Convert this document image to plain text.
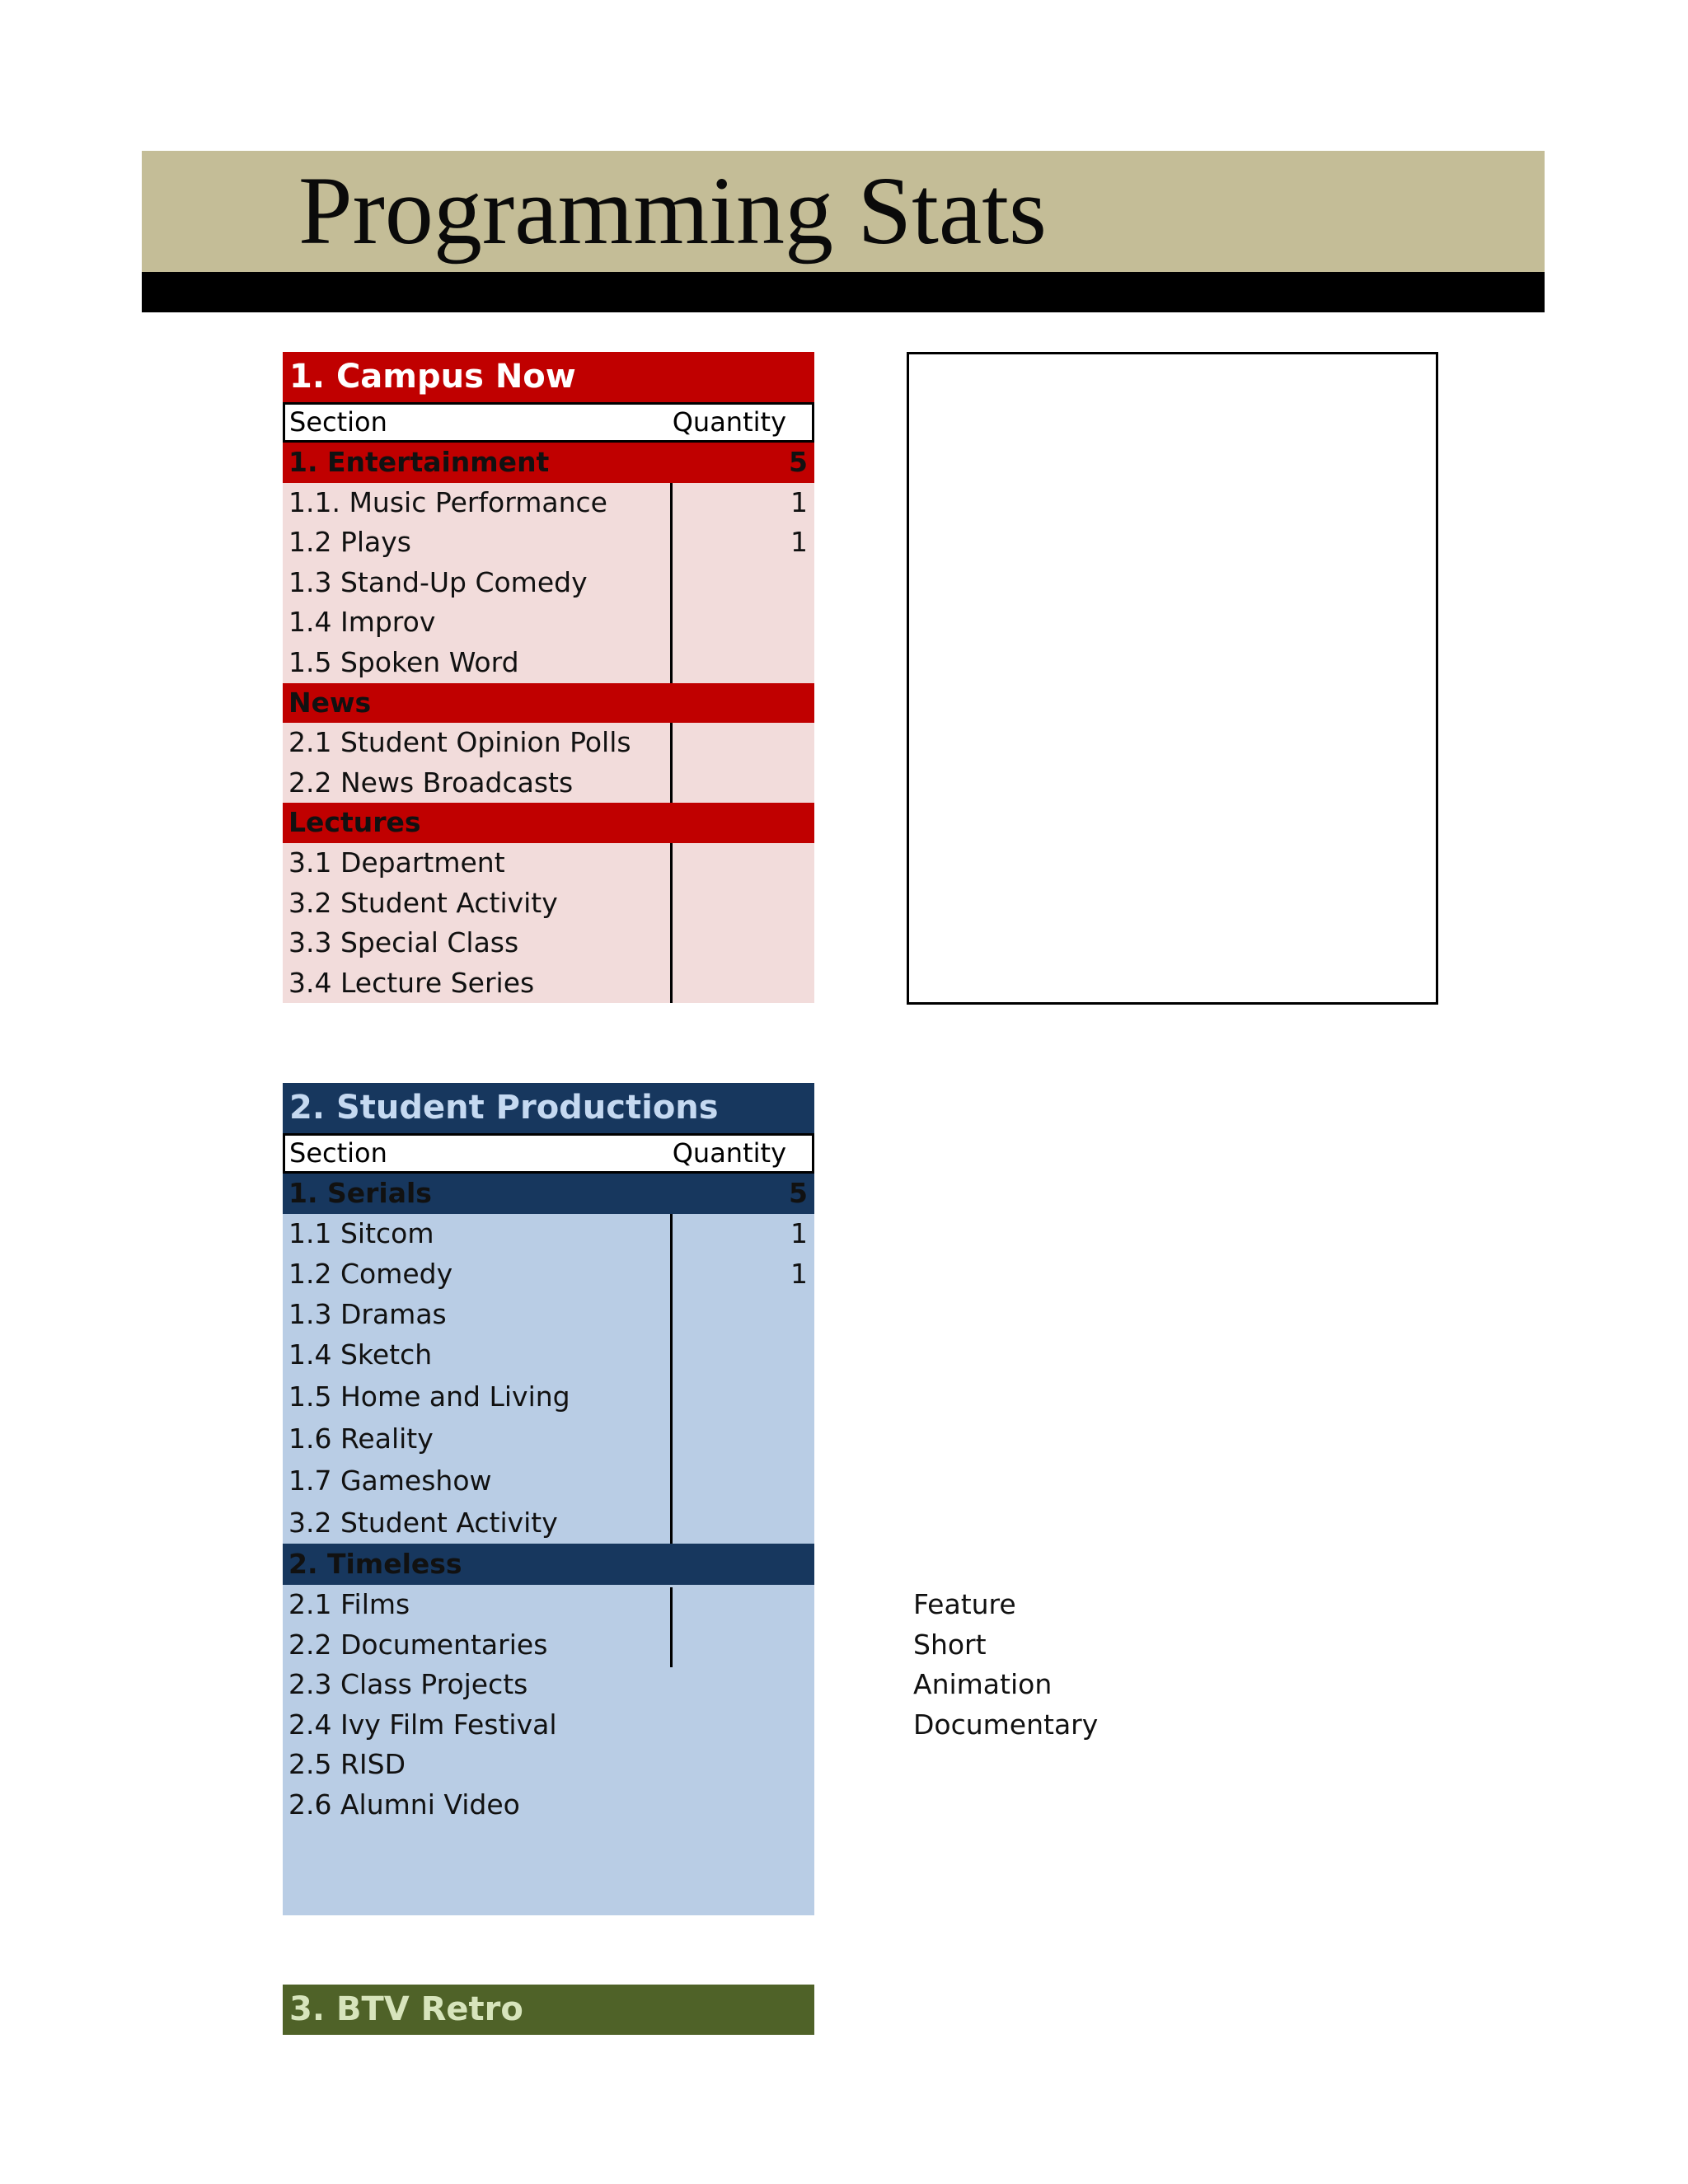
Programming Stats
1. Campus Now
Section	Quantity
1. Entertainment	5
1.1. Music Performance	1
1.2 Plays	1
1.3 Stand-Up Comedy
1.4 Improv
1.5 Spoken Word
News
2.1 Student Opinion Polls
2.2 News Broadcasts
Lectures
3.1 Department
3.2 Student Activity
3.3 Special Class
3.4 Lecture Series
2. Student Productions
Section	Quantity
1. Serials	5
1.1 Sitcom	1
1.2 Comedy	1
1.3 Dramas
1.4 Sketch
1.5 Home and Living
1.6 Reality
1.7 Gameshow
3.2 Student Activity
2. Timeless
2.1 Films
2.2 Documentaries
2.3 Class Projects
2.4 Ivy Film Festival
2.5 RISD
2.6 Alumni Video
Feature
Short
Animation
Documentary
3. BTV Retro
